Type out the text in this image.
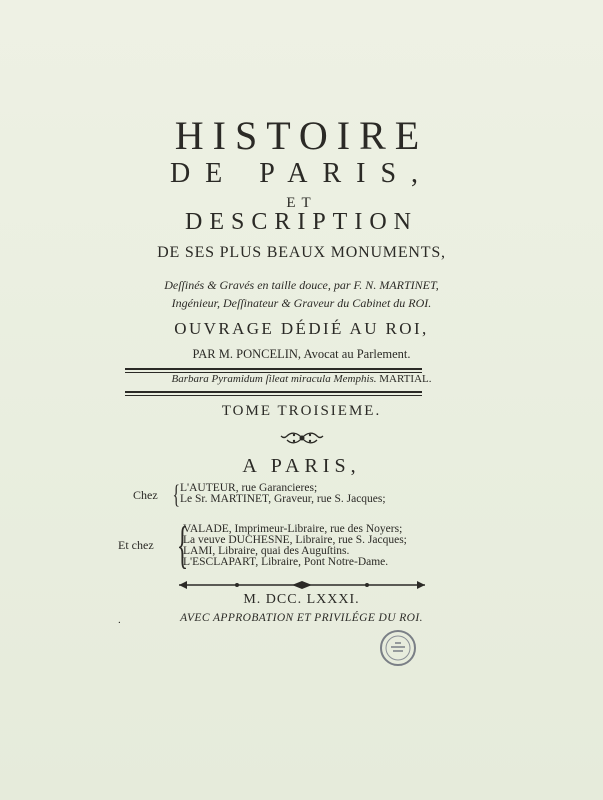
HISTOIRE
DE PARIS,
ET
DESCRIPTION
DE SES PLUS BEAUX MONUMENTS,
Deſſinés & Gravés en taille douce, par F. N. MARTINET,
Ingénieur, Deſſinateur & Graveur du Cabinet du ROI.
OUVRAGE DÉDIÉ AU ROI,
PAR M. PONCELIN, Avocat au Parlement.
Barbara Pyramidum ſileat miracula Memphis. MARTIAL.
TOME TROISIEME.
A PARIS,
Chez { L'AUTEUR, rue Garancieres;
Le Sr. MARTINET, Graveur, rue S. Jacques;
Et chez {
VALADE, Imprimeur-Libraire, rue des Noyers;
La veuve DUCHESNE, Libraire, rue S. Jacques;
LAMI, Libraire, quai des Auguſtins.
L'ESCLAPART, Libraire, Pont Notre-Dame.
M. DCC. LXXXI.
.	AVEC APPROBATION ET PRIVILÉGE DU ROI.
